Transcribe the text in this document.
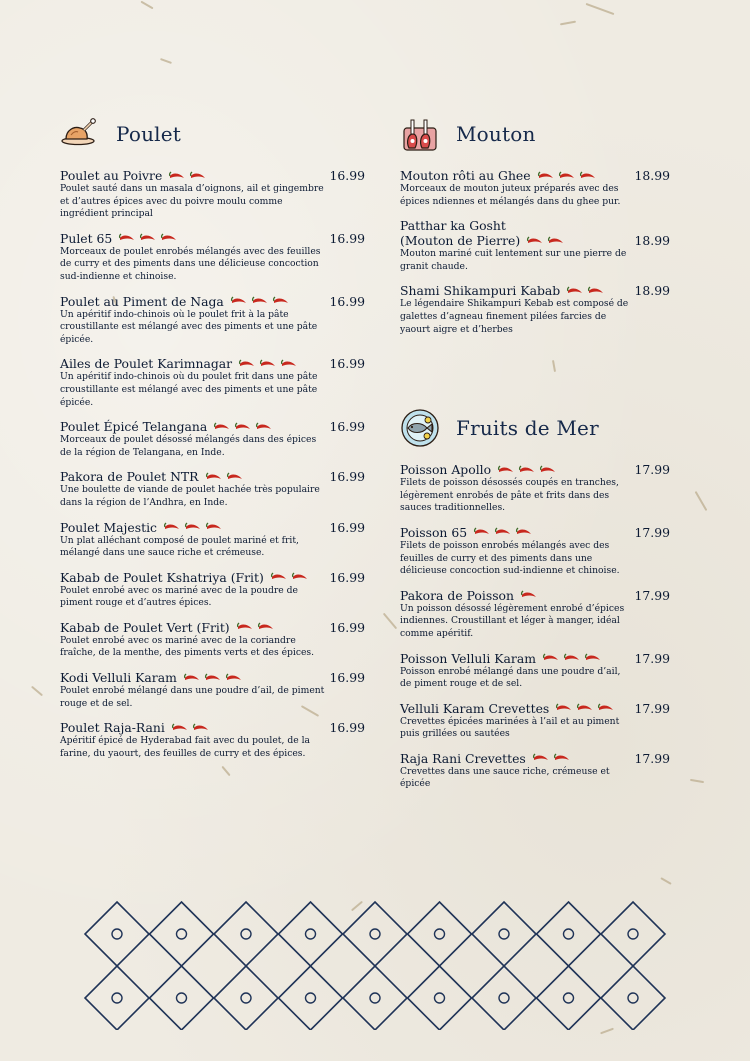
Poulet
Poulet au Poivre	16.99
Poulet sauté dans un masala d’oignons, ail et gingembre et d’autres épices avec du poivre moulu comme ingrédient principal
Pulet 65	16.99
Morceaux de poulet enrobés mélangés avec des feuilles de curry et des piments dans une délicieuse concoction sud-indienne et chinoise.
Poulet au Piment de Naga	16.99
Un apéritif indo-chinois où le poulet frit à la pâte croustillante est mélangé avec des piments et une pâte épicée.
Ailes de Poulet Karimnagar	16.99
Un apéritif indo-chinois où du poulet frit dans une pâte croustillante est mélangé avec des piments et une pâte épicée.
Poulet Épicé Telangana	16.99
Morceaux de poulet désossé mélangés dans des épices de la région de Telangana, en Inde.
Pakora de Poulet NTR	16.99
Une boulette de viande de poulet hachée très populaire dans la région de l’Andhra, en Inde.
Poulet Majestic	16.99
Un plat alléchant composé de poulet mariné et frit, mélangé dans une sauce riche et crémeuse.
Kabab de Poulet Kshatriya (Frit)	16.99
Poulet enrobé avec os mariné avec de la poudre de piment rouge et d’autres épices.
Kabab de Poulet Vert (Frit)	16.99
Poulet enrobé avec os mariné avec de la coriandre fraîche, de la menthe, des piments verts et des épices.
Kodi Velluli Karam	16.99
Poulet enrobé mélangé dans une poudre d’ail, de piment rouge et de sel.
Poulet Raja-Rani	16.99
Apéritif épicé de Hyderabad fait avec du poulet, de la farine, du yaourt, des feuilles de curry et des épices.
Mouton
Mouton rôti au Ghee	18.99
Morceaux de mouton juteux préparés avec des épices ndiennes et mélangés dans du ghee pur.
Patthar ka Gosht
(Mouton de Pierre)	18.99
Mouton mariné cuit lentement sur une pierre de granit chaude.
Shami Shikampuri Kabab	18.99
Le légendaire Shikampuri Kebab est composé de galettes d’agneau finement pilées farcies de yaourt aigre et d’herbes
Fruits de Mer
Poisson Apollo	17.99
Filets de poisson désossés coupés en tranches, légèrement enrobés de pâte et frits dans des sauces traditionnelles.
Poisson 65	17.99
Filets de poisson enrobés mélangés avec des feuilles de curry et des piments dans une délicieuse concoction sud-indienne et chinoise.
Pakora de Poisson	17.99
Un poisson désossé légèrement enrobé d’épices indiennes. Croustillant et léger à manger, idéal comme apéritif.
Poisson Velluli Karam	17.99
Poisson enrobé mélangé dans une poudre d’ail, de piment rouge et de sel.
Velluli Karam Crevettes	17.99
Crevettes épicées marinées à l’ail et au piment puis grillées ou sautées
Raja Rani Crevettes	17.99
Crevettes dans une sauce riche, crémeuse et épicée
